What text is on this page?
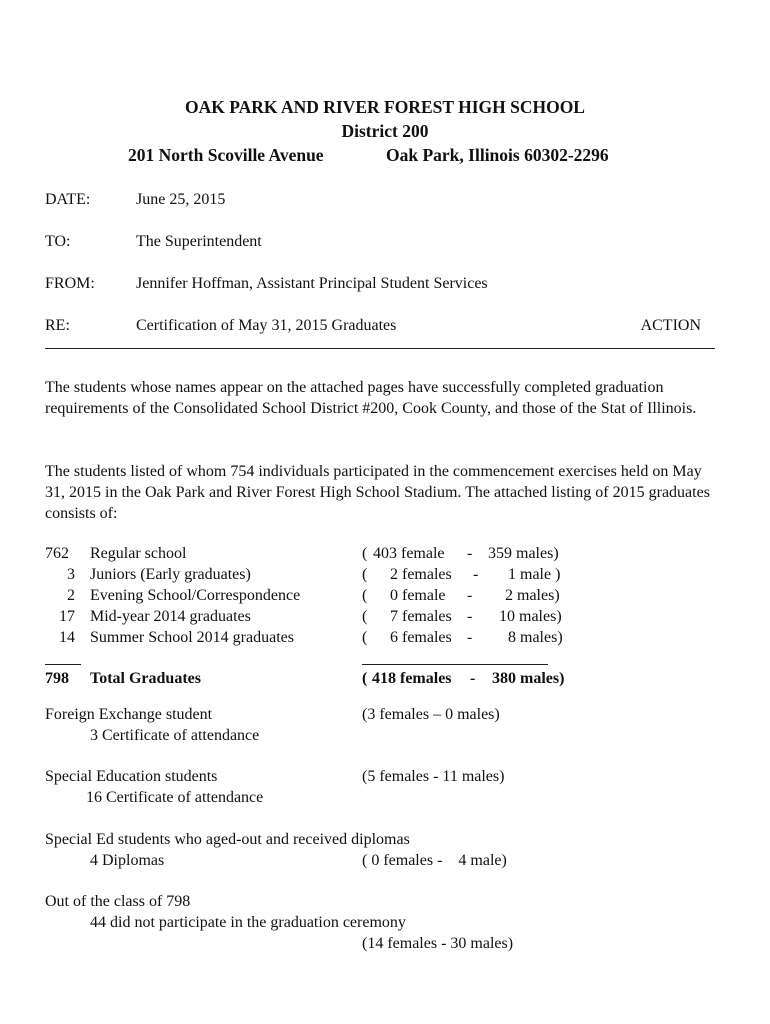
OAK PARK AND RIVER FOREST HIGH SCHOOL
District 200
201 North Scoville Avenue	Oak Park, Illinois 60302-2296
DATE:	June 25, 2015
TO:	The Superintendent
FROM:	Jennifer Hoffman, Assistant Principal Student Services
RE:	Certification of May 31, 2015 Graduates	ACTION
The students whose names appear on the attached pages have successfully completed graduation requirements of the Consolidated School District #200, Cook County, and those of the Stat of Illinois.
The students listed of whom 754 individuals participated in the commencement exercises held on May 31, 2015 in the Oak Park and River Forest High School Stadium. The attached listing of 2015 graduates consists of:
762 Regular school	( 403 female - 359 males)
3 Juniors (Early graduates)	( 2 females - 1 male )
2 Evening School/Correspondence	( 0 female - 2 males)
17 Mid-year 2014 graduates	( 7 females - 10 males)
14 Summer School 2014 graduates	( 6 females - 8 males)
798 Total Graduates	( 418 females - 380 males)
Foreign Exchange student	(3 females – 0 males)
3 Certificate of attendance
Special Education students	(5 females - 11 males)
16 Certificate of attendance
Special Ed students who aged-out and received diplomas
4 Diplomas	( 0 females -    4 male)
Out of the class of 798
44 did not participate in the graduation ceremony
(14 females - 30 males)
